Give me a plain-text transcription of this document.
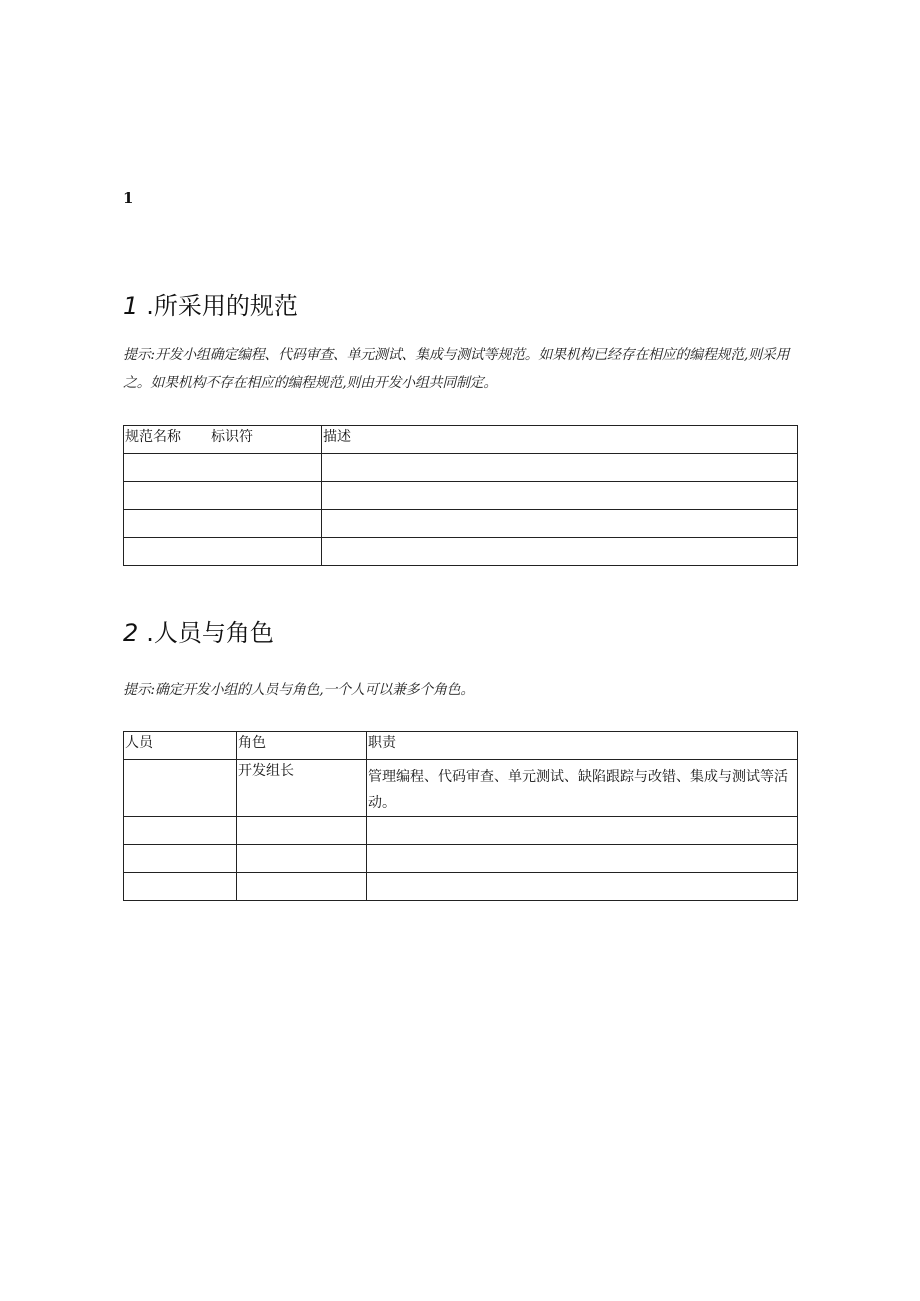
1
1 .所采用的规范
提示:开发小组确定编程、代码审查、单元测试、集成与测试等规范。如果机构已经存在相应的编程规范,则采用之。如果机构不存在相应的编程规范,则由开发小组共同制定。
规范名称 标识符	描述

2 .人员与角色
提示:确定开发小组的人员与角色,一个人可以兼多个角色。
人员	角色	职责
	开发组长	管理编程、代码审查、单元测试、缺陷跟踪与改错、集成与测试等活动。
